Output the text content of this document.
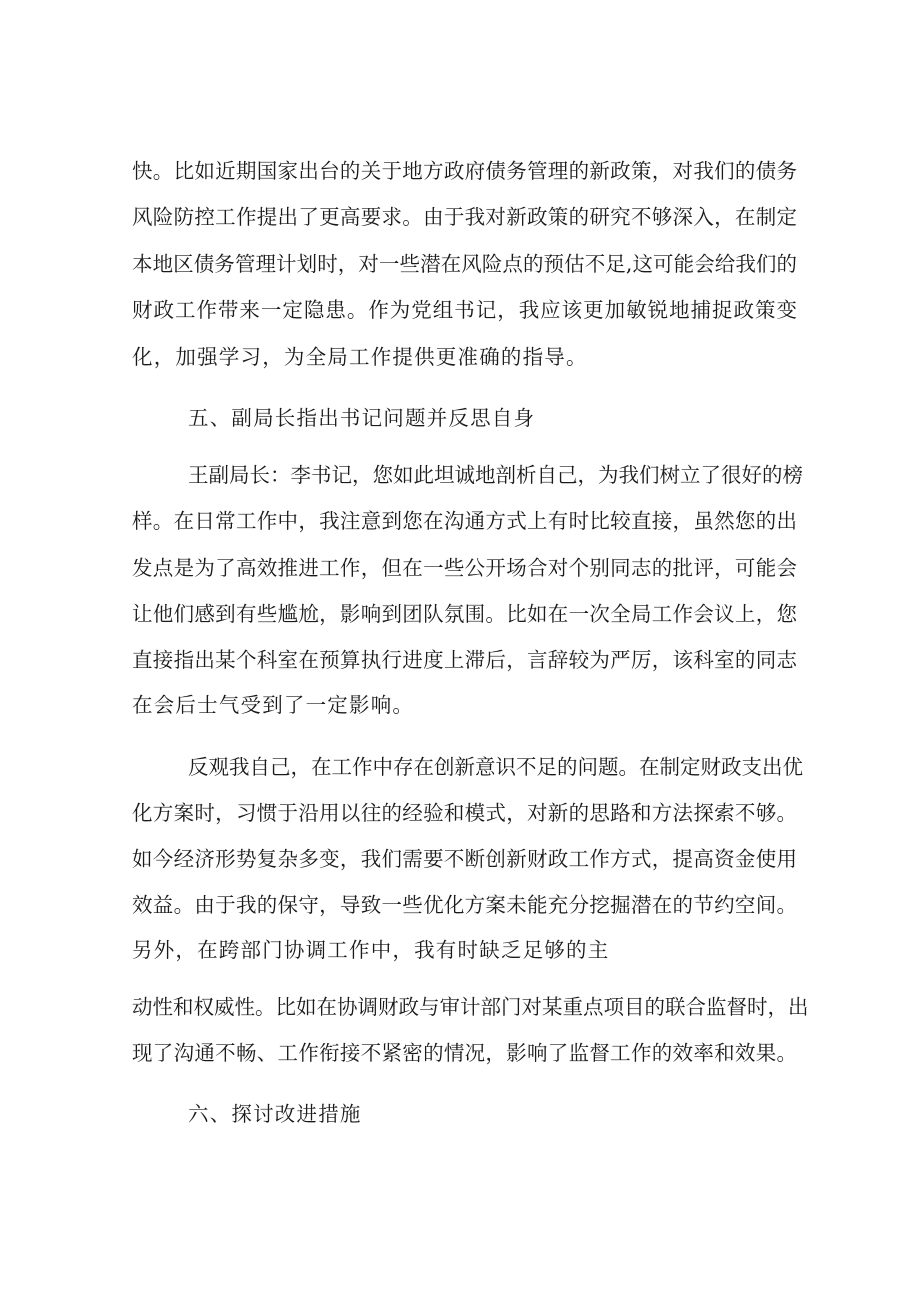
快。比如近期国家出台的关于地方政府债务管理的新政策，对我们的债务
风险防控工作提出了更高要求。由于我对新政策的研究不够深入，在制定
本地区债务管理计划时，对一些潜在风险点的预估不足,这可能会给我们的
财政工作带来一定隐患。作为党组书记，我应该更加敏锐地捕捉政策变
化，加强学习，为全局工作提供更准确的指导。
五、副局长指出书记问题并反思自身
王副局长：李书记，您如此坦诚地剖析自己，为我们树立了很好的榜
样。在日常工作中，我注意到您在沟通方式上有时比较直接，虽然您的出
发点是为了高效推进工作，但在一些公开场合对个别同志的批评，可能会
让他们感到有些尴尬，影响到团队氛围。比如在一次全局工作会议上，您
直接指出某个科室在预算执行进度上滞后，言辞较为严厉，该科室的同志
在会后士气受到了一定影响。
反观我自己，在工作中存在创新意识不足的问题。在制定财政支出优
化方案时，习惯于沿用以往的经验和模式，对新的思路和方法探索不够。
如今经济形势复杂多变，我们需要不断创新财政工作方式，提高资金使用
效益。由于我的保守，导致一些优化方案未能充分挖掘潜在的节约空间。
另外，在跨部门协调工作中，我有时缺乏足够的主
动性和权威性。比如在协调财政与审计部门对某重点项目的联合监督时，出
现了沟通不畅、工作衔接不紧密的情况，影响了监督工作的效率和效果。
六、探讨改进措施
